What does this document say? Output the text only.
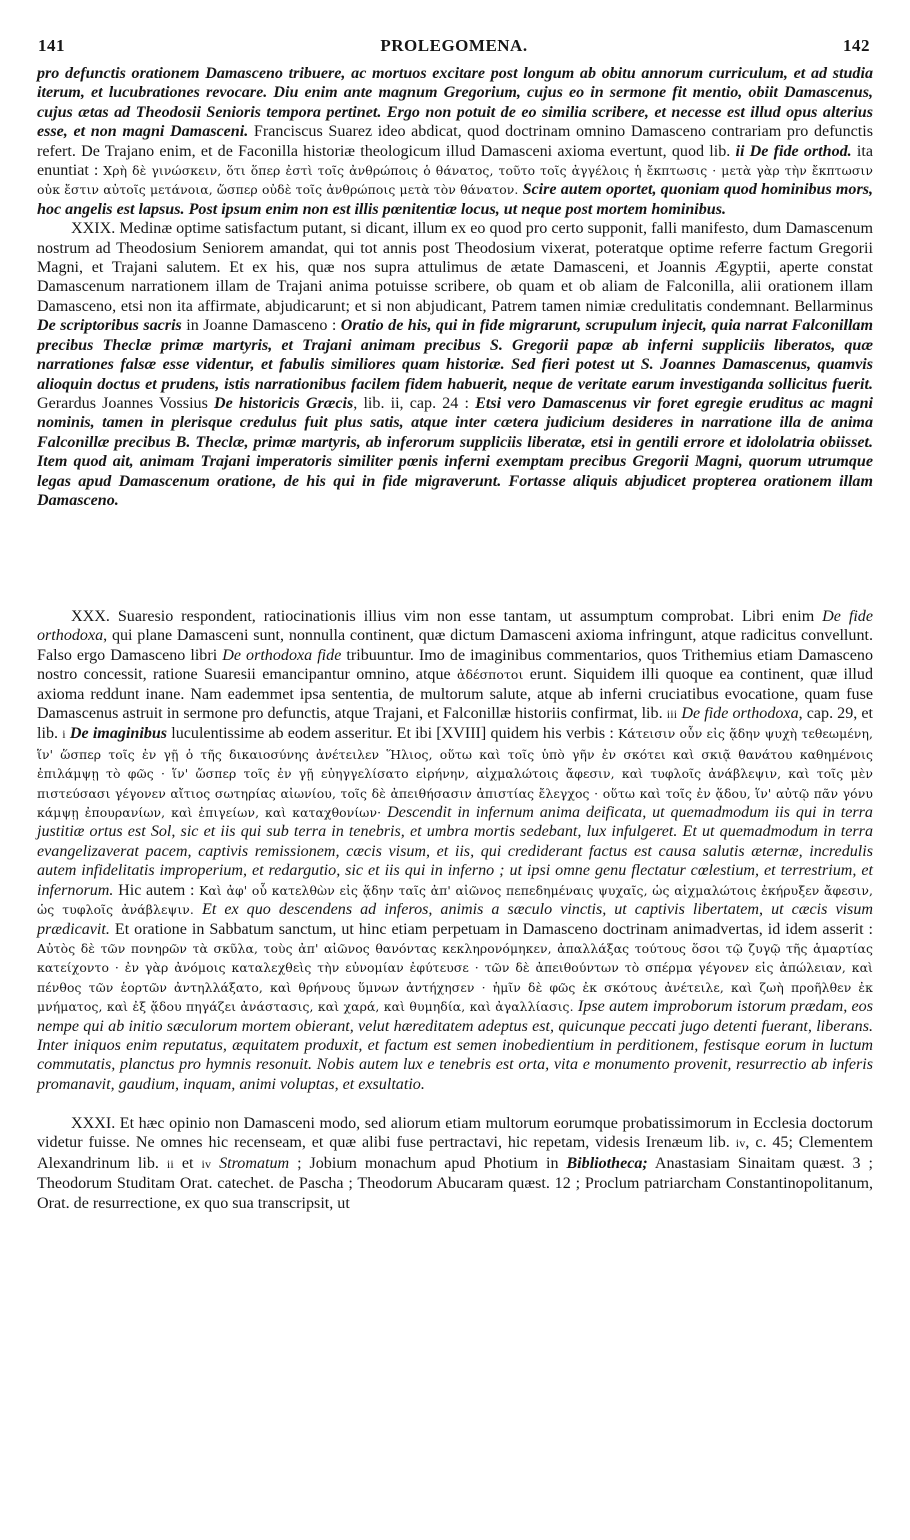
141	PROLEGOMENA.	142
pro defunctis orationem Damasceno tribuere, ac mortuos excitare post longum ab obitu annorum curriculum, et ad studia iterum, et lucubrationes revocare. Diu enim ante magnum Gregorium, cujus eo in sermone fit mentio, obiit Damascenus, cujus ætas ad Theodosii Senioris tempora pertinet. Ergo non potuit de eo similia scribere, et necesse est illud opus alterius esse, et non magni Damasceni. Franciscus Suarez ideo abdicat, quod doctrinam omnino Damasceno contrariam pro defunctis refert. De Trajano enim, et de Faconilla historiæ theologicum illud Damasceni axioma evertunt, quod lib. ii De fide orthod. ita enuntiat : Χρὴ δὲ γινώσκειν, ὅτι ὅπερ ἐστὶ τοῖς ἀνθρώποις ὁ θάνατος, τοῦτο τοῖς ἀγγέλοις ἡ ἔκπτωσις · μετὰ γὰρ τὴν ἔκπτωσιν οὐκ ἔστιν αὐτοῖς μετάνοια, ὥσπερ οὐδὲ τοῖς ἀνθρώποις μετὰ τὸν θάνατον. Scire autem oportet, quoniam quod hominibus mors, hoc angelis est lapsus. Post ipsum enim non est illis pœnitentiæ locus, ut neque post mortem hominibus.
XXIX. Medinæ optime satisfactum putant, si dicant, illum ex eo quod pro certo supponit, falli manifesto, dum Damascenum nostrum ad Theodosium Seniorem amandat, qui tot annis post Theodosium vixerat, poteratque optime referre factum Gregorii Magni, et Trajani salutem. Et ex his, quæ nos supra attulimus de ætate Damasceni, et Joannis Ægyptii, aperte constat Damascenum narrationem illam de Trajani anima potuisse scribere, ob quam et ob aliam de Falconilla, alii orationem illam Damasceno, etsi non ita affirmate, abjudicarunt; et si non abjudicant, Patrem tamen nimiæ credulitatis condemnant. Bellarminus De scriptoribus sacris in Joanne Damasceno : Oratio de his, qui in fide migrarunt, scrupulum injecit, quia narrat Falconillam precibus Theclæ primæ martyris, et Trajani animam precibus S. Gregorii papæ ab inferni suppliciis liberatos, quæ narrationes falsæ esse videntur, et fabulis similiores quam historiæ. Sed fieri potest ut S. Joannes Damascenus, quamvis alioquin doctus et prudens, istis narrationibus facilem fidem habuerit, neque de veritate earum investiganda sollicitus fuerit. Gerardus Joannes Vossius De historicis Græcis, lib. ii, cap. 24 : Etsi vero Damascenus vir foret egregie eruditus ac magni nominis, tamen in plerisque credulus fuit plus satis, atque inter cætera judicium desideres in narratione illa de anima Falconillæ precibus B. Theclæ, primæ martyris, ab inferorum suppliciis liberatæ, etsi in gentili errore et idololatria obiisset. Item quod ait, animam Trajani imperatoris similiter pœnis inferni exemptam precibus Gregorii Magni, quorum utrumque legas apud Damascenum oratione, de his qui in fide migraverunt. Fortasse aliquis abjudicet propterea orationem illam Damasceno.
XXX. Suaresio respondent, ratiocinationis illius vim non esse tantam, ut assumptum comprobat. Libri enim De fide orthodoxa, qui plane Damasceni sunt, nonnulla continent, quæ dictum Damasceni axioma infringunt, atque radicitus convellunt. Falso ergo Damasceno libri De orthodoxa fide tribuuntur. Imo de imaginibus commentarios, quos Trithemius etiam Damasceno nostro concessit, ratione Suaresii emancipantur omnino, atque ἀδέσποτοι erunt. Siquidem illi quoque ea continent, quæ illud axioma reddunt inane. Nam eademmet ipsa sententia, de multorum salute, atque ab inferni cruciatibus evocatione, quam fuse Damascenus astruit in sermone pro defunctis, atque Trajani, et Falconillæ historiis confirmat, lib. iii De fide orthodoxa, cap. 29, et lib. i De imaginibus luculentissime ab eodem asseritur. Et ibi [XVIII] quidem his verbis : Κάτεισιν οὖν εἰς ᾅδην ψυχὴ τεθεωμένη, ἵν' ὥσπερ τοῖς ἐν γῇ ὁ τῆς δικαιοσύνης ἀνέτειλεν Ἥλιος, οὕτω καὶ τοῖς ὑπὸ γῆν ἐν σκότει καὶ σκιᾷ θανάτου καθημένοις ἐπιλάμψῃ τὸ φῶς · ἵν' ὥσπερ τοῖς ἐν γῇ εὐηγγελίσατο εἰρήνην, αἰχμαλώτοις ἄφεσιν, καὶ τυφλοῖς ἀνάβλεψιν, καὶ τοῖς μὲν πιστεύσασι γέγονεν αἴτιος σωτηρίας αἰωνίου, τοῖς δὲ ἀπειθήσασιν ἀπιστίας ἔλεγχος · οὕτω καὶ τοῖς ἐν ᾅδου, ἵν' αὐτῷ πᾶν γόνυ κάμψῃ ἐπουρανίων, καὶ ἐπιγείων, καὶ καταχθονίων· Descendit in infernum anima deificata, ut quemadmodum iis qui in terra justitiæ ortus est Sol, sic et iis qui sub terra in tenebris, et umbra mortis sedebant, lux infulgeret. Et ut quemadmodum in terra evangelizaverat pacem, captivis remissionem, cæcis visum, et iis, qui crediderant factus est causa salutis æternæ, incredulis autem infidelitatis improperium, et redargutio, sic et iis qui in inferno ; ut ipsi omne genu flectatur cœlestium, et terrestrium, et infernorum. Hic autem : Καὶ ἀφ' οὗ κατελθὼν εἰς ᾅδην ταῖς ἀπ' αἰῶνος πεπεδημέναις ψυχαῖς, ὡς αἰχμαλώτοις ἐκήρυξεν ἄφεσιν, ὡς τυφλοῖς ἀνάβλεψιν. Et ex quo descendens ad inferos, animis a sæculo vinctis, ut captivis libertatem, ut cæcis visum prædicavit. Et oratione in Sabbatum sanctum, ut hinc etiam perpetuam in Damasceno doctrinam animadvertas, id idem asserit : Αὐτὸς δὲ τῶν πονηρῶν τὰ σκῦλα, τοὺς ἀπ' αἰῶνος θανόντας κεκληρονόμηκεν, ἀπαλλάξας τούτους ὅσοι τῷ ζυγῷ τῆς ἁμαρτίας κατείχοντο · ἐν γὰρ ἀνόμοις καταλεχθεὶς τὴν εὐνομίαν ἐφύτευσε · τῶν δὲ ἀπειθούντων τὸ σπέρμα γέγονεν εἰς ἀπώλειαν, καὶ πένθος τῶν ἑορτῶν ἀντηλλάξατο, καὶ θρήνους ὕμνων ἀντήχησεν · ἡμῖν δὲ φῶς ἐκ σκότους ἀνέτειλε, καὶ ζωὴ προῆλθεν ἐκ μνήματος, καὶ ἐξ ᾅδου πηγάζει ἀνάστασις, καὶ χαρά, καὶ θυμηδία, καὶ ἀγαλλίασις. Ipse autem improborum istorum prædam, eos nempe qui ab initio sæculorum mortem obierant, velut hæreditatem adeptus est, quicunque peccati jugo detenti fuerant, liberans. Inter iniquos enim reputatus, æquitatem produxit, et factum est semen inobedientium in perditionem, festisque eorum in luctum commutatis, planctus pro hymnis resonuit. Nobis autem lux e tenebris est orta, vita e monumento provenit, resurrectio ab inferis promanavit, gaudium, inquam, animi voluptas, et exsultatio.
XXXI. Et hæc opinio non Damasceni modo, sed aliorum etiam multorum eorumque probatissimorum in Ecclesia doctorum videtur fuisse. Ne omnes hic recenseam, et quæ alibi fuse pertractavi, hic repetam, videsis Irenæum lib. iv, c. 45; Clementem Alexandrinum lib. ii et iv Stromatum ; Jobium monachum apud Photium in Bibliotheca; Anastasiam Sinaitam quæst. 3 ; Theodorum Studitam Orat. catechet. de Pascha ; Theodorum Abucaram quæst. 12 ; Proclum patriarcham Constantinopolitanum, Orat. de resurrectione, ex quo sua transcripsit, ut
